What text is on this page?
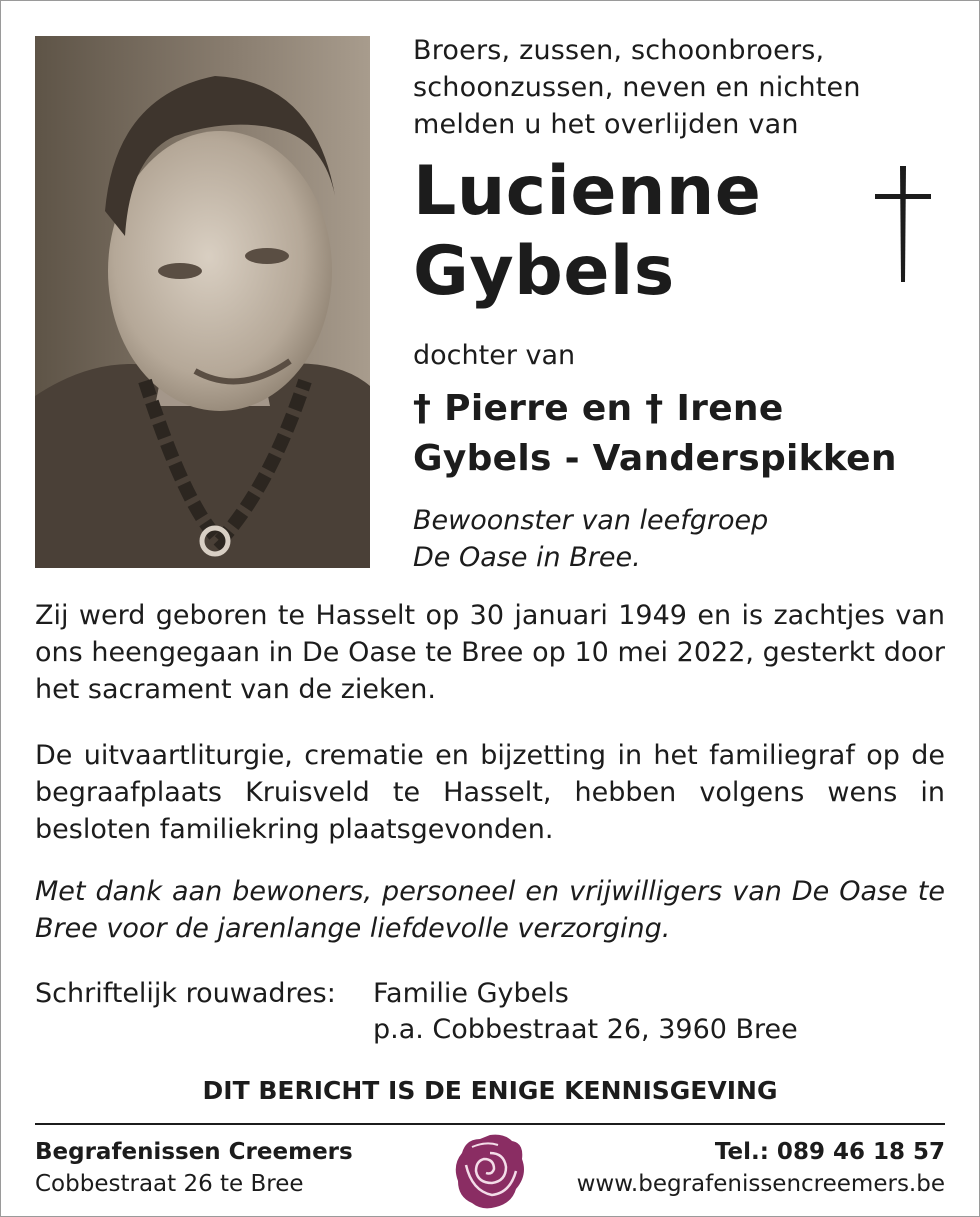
Broers, zussen, schoonbroers,
schoonzussen, neven en nichten
melden u het overlijden van
Lucienne
Gybels
dochter van
† Pierre en † Irene
Gybels - Vanderspikken
Bewoonster van leefgroep
De Oase in Bree.
Zij werd geboren te Hasselt op 30 januari 1949 en is zachtjes van ons heengegaan in De Oase te Bree op 10 mei 2022, gesterkt door het sacrament van de zieken.
De uitvaartliturgie, crematie en bijzetting in het familiegraf op de begraafplaats Kruisveld te Hasselt, hebben volgens wens in besloten familiekring plaatsgevonden.
Met dank aan bewoners, personeel en vrijwilligers van De Oase te Bree voor de jarenlange liefdevolle verzorging.
Schriftelijk rouwadres: Familie Gybels
p.a. Cobbestraat 26, 3960 Bree
DIT BERICHT IS DE ENIGE KENNISGEVING
Begrafenissen Creemers
Cobbestraat 26 te Bree
Tel.: 089 46 18 57
www.begrafenissencreemers.be
